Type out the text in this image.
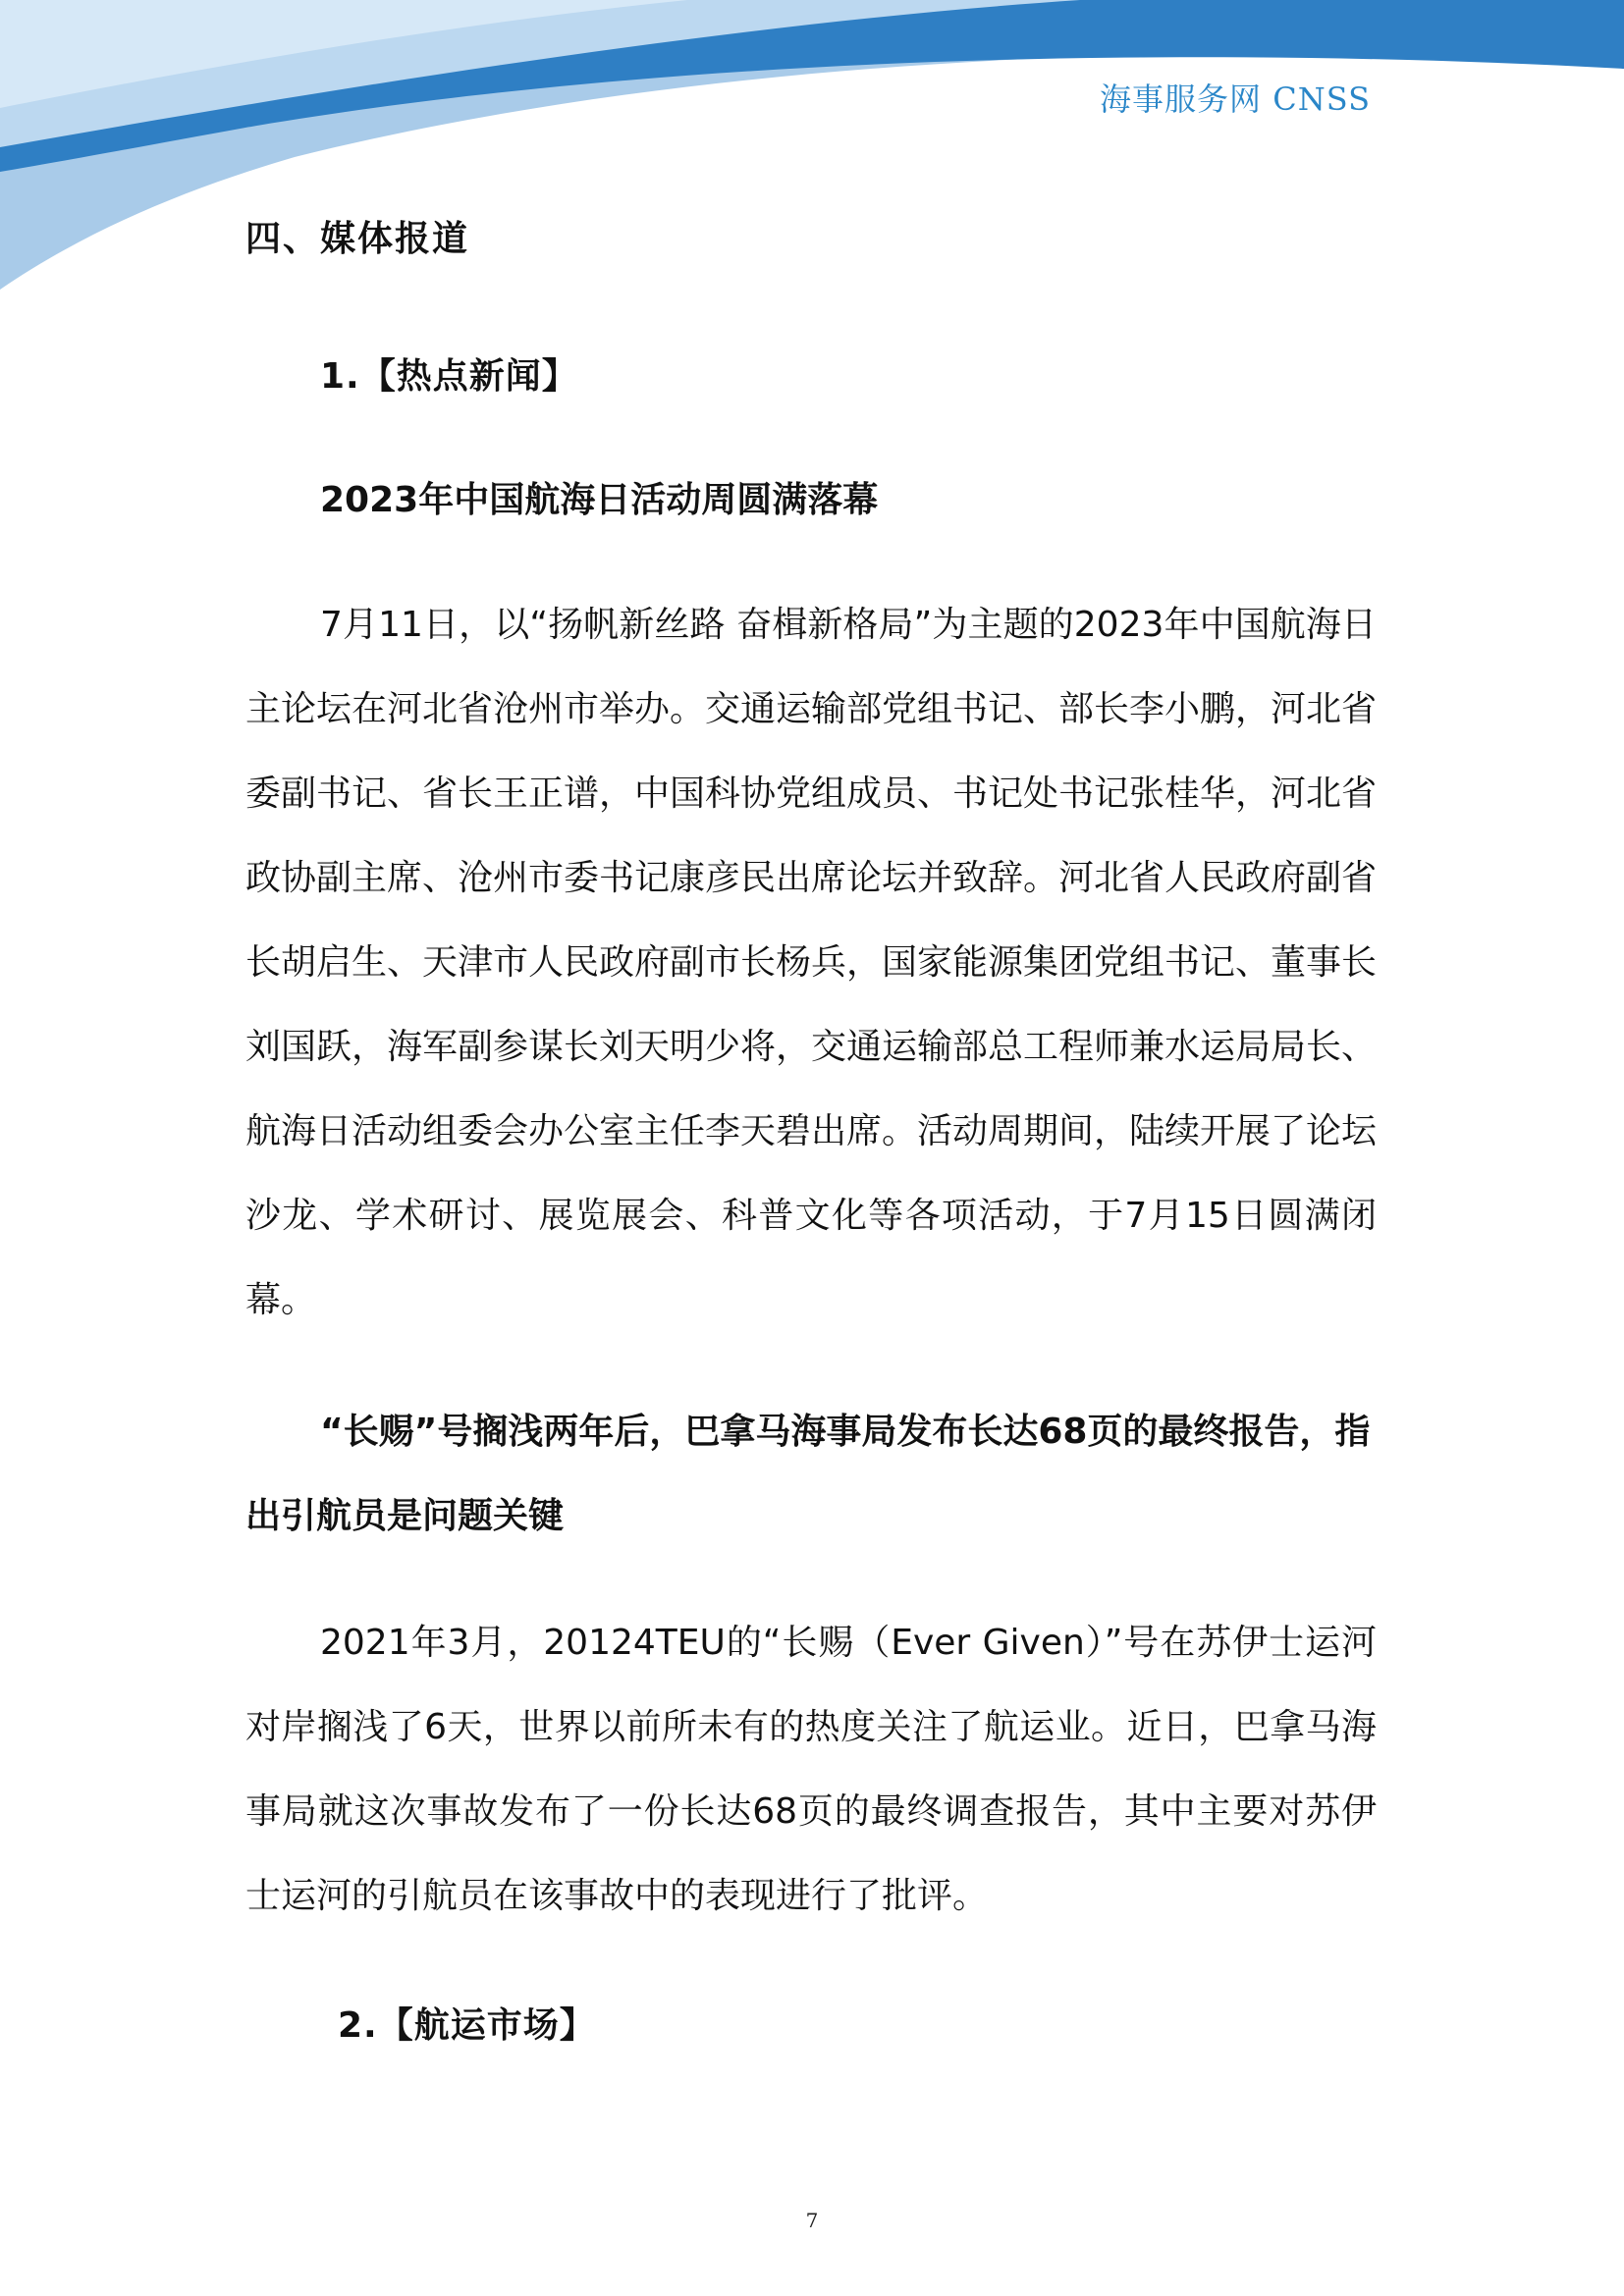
海事服务网 CNSS
四、媒体报道
1.【热点新闻】
2023年中国航海日活动周圆满落幕
7月11日，以“扬帆新丝路 奋楫新格局”为主题的2023年中国航海日主论坛在河北省沧州市举办。交通运输部党组书记、部长李小鹏，河北省委副书记、省长王正谱，中国科协党组成员、书记处书记张桂华，河北省政协副主席、沧州市委书记康彦民出席论坛并致辞。河北省人民政府副省长胡启生、天津市人民政府副市长杨兵，国家能源集团党组书记、董事长刘国跃，海军副参谋长刘天明少将，交通运输部总工程师兼水运局局长、航海日活动组委会办公室主任李天碧出席。活动周期间，陆续开展了论坛沙龙、学术研讨、展览展会、科普文化等各项活动，于7月15日圆满闭幕。
“长赐”号搁浅两年后，巴拿马海事局发布长达68页的最终报告，指出引航员是问题关键
2021年3月，20124TEU的“长赐（Ever Given）”号在苏伊士运河对岸搁浅了6天，世界以前所未有的热度关注了航运业。近日，巴拿马海事局就这次事故发布了一份长达68页的最终调查报告，其中主要对苏伊士运河的引航员在该事故中的表现进行了批评。
2.【航运市场】
7
